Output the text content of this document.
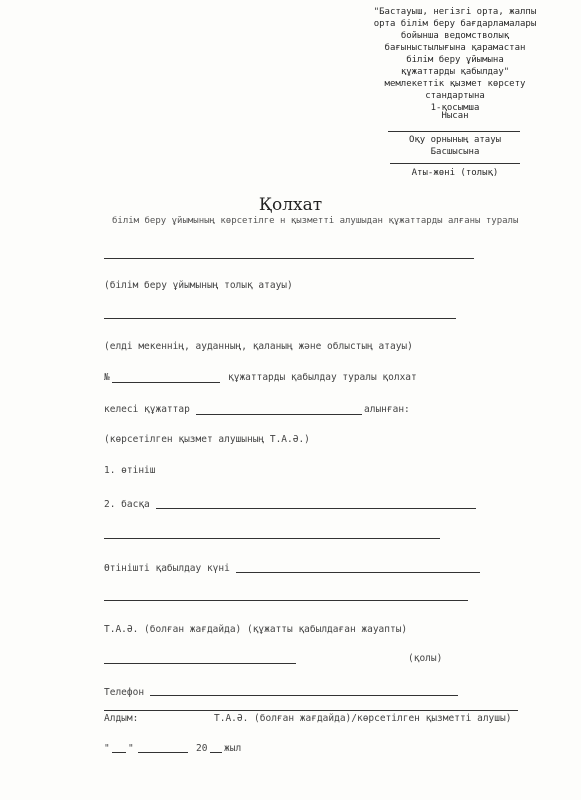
"Бастауыш, негізгі орта, жалпы
орта білім беру бағдарламалары
бойынша ведомстволық
бағыныстылығына қарамастан
білім беру ұйымына
құжаттарды қабылдау"
мемлекеттік қызмет көрсету
стандартына
1-қосымша
Нысан
Оқу орнының атауы
Басшысына
Аты-жөні (толық)
Қолхат
білім беру ұйымының көрсетілге н қызметті алушыдан құжаттарды алғаны туралы
(білім беру ұйымының толық атауы)
(елді мекеннің, ауданның, қаланың және облыстың атауы)
№	құжаттарды қабылдау туралы қолхат
келесі құжаттар	алынған:
(көрсетілген қызмет алушының Т.А.Ә.)
1. өтініш
2. басқа
Өтінішті қабылдау күні
Т.А.Ә. (болған жағдайда) (құжатты қабылдаған жауапты)
(қолы)
Телефон
Алдым:	Т.А.Ә. (болған жағдайда)/көрсетілген қызметті алушы)
" "	20 жыл
